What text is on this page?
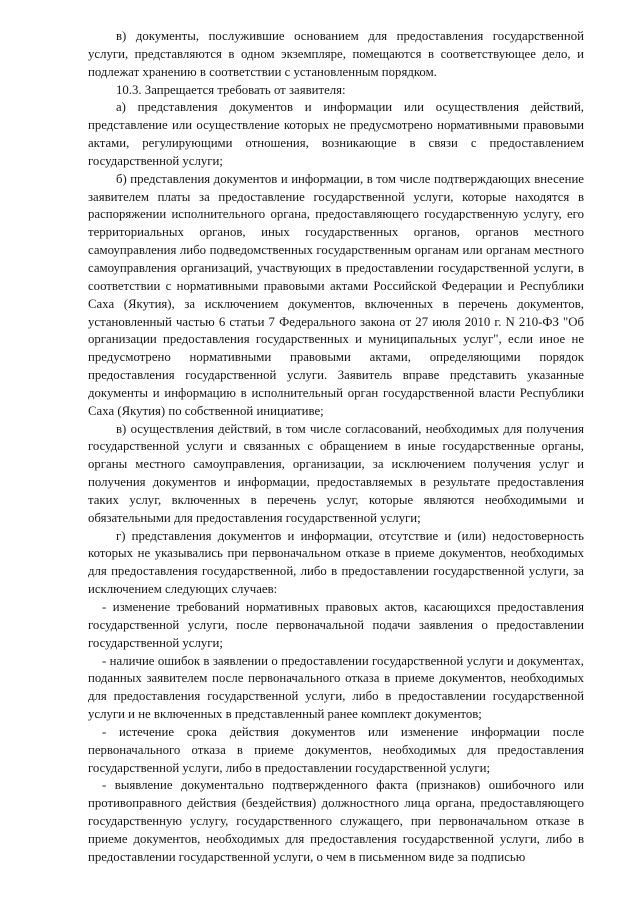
в) документы, послужившие основанием для предоставления государственной услуги, представляются в одном экземпляре, помещаются в соответствующее дело, и подлежат хранению в соответствии с установленным порядком.

10.3. Запрещается требовать от заявителя:

а) представления документов и информации или осуществления действий, представление или осуществление которых не предусмотрено нормативными правовыми актами, регулирующими отношения, возникающие в связи с предоставлением государственной услуги;

б) представления документов и информации, в том числе подтверждающих внесение заявителем платы за предоставление государственной услуги, которые находятся в распоряжении исполнительного органа, предоставляющего государственную услугу, его территориальных органов, иных государственных органов, органов местного самоуправления либо подведомственных государственным органам или органам местного самоуправления организаций, участвующих в предоставлении государственной услуги, в соответствии с нормативными правовыми актами Российской Федерации и Республики Саха (Якутия), за исключением документов, включенных в перечень документов, установленный частью 6 статьи 7 Федерального закона от 27 июля 2010 г. N 210-ФЗ "Об организации предоставления государственных и муниципальных услуг", если иное не предусмотрено нормативными правовыми актами, определяющими порядок предоставления государственной услуги. Заявитель вправе представить указанные документы и информацию в исполнительный орган государственной власти Республики Саха (Якутия) по собственной инициативе;

в) осуществления действий, в том числе согласований, необходимых для получения государственной услуги и связанных с обращением в иные государственные органы, органы местного самоуправления, организации, за исключением получения услуг и получения документов и информации, предоставляемых в результате предоставления таких услуг, включенных в перечень услуг, которые являются необходимыми и обязательными для предоставления государственной услуги;

г) представления документов и информации, отсутствие и (или) недостоверность которых не указывались при первоначальном отказе в приеме документов, необходимых для предоставления государственной, либо в предоставлении государственной услуги, за исключением следующих случаев:

- изменение требований нормативных правовых актов, касающихся предоставления государственной услуги, после первоначальной подачи заявления о предоставлении государственной услуги;

- наличие ошибок в заявлении о предоставлении государственной услуги и документах, поданных заявителем после первоначального отказа в приеме документов, необходимых для предоставления государственной услуги, либо в предоставлении государственной услуги и не включенных в представленный ранее комплект документов;

- истечение срока действия документов или изменение информации после первоначального отказа в приеме документов, необходимых для предоставления государственной услуги, либо в предоставлении государственной услуги;

- выявление документально подтвержденного факта (признаков) ошибочного или противоправного действия (бездействия) должностного лица органа, предоставляющего государственную услугу, государственного служащего, при первоначальном отказе в приеме документов, необходимых для предоставления государственной услуги, либо в предоставлении государственной услуги, о чем в письменном виде за подписью
